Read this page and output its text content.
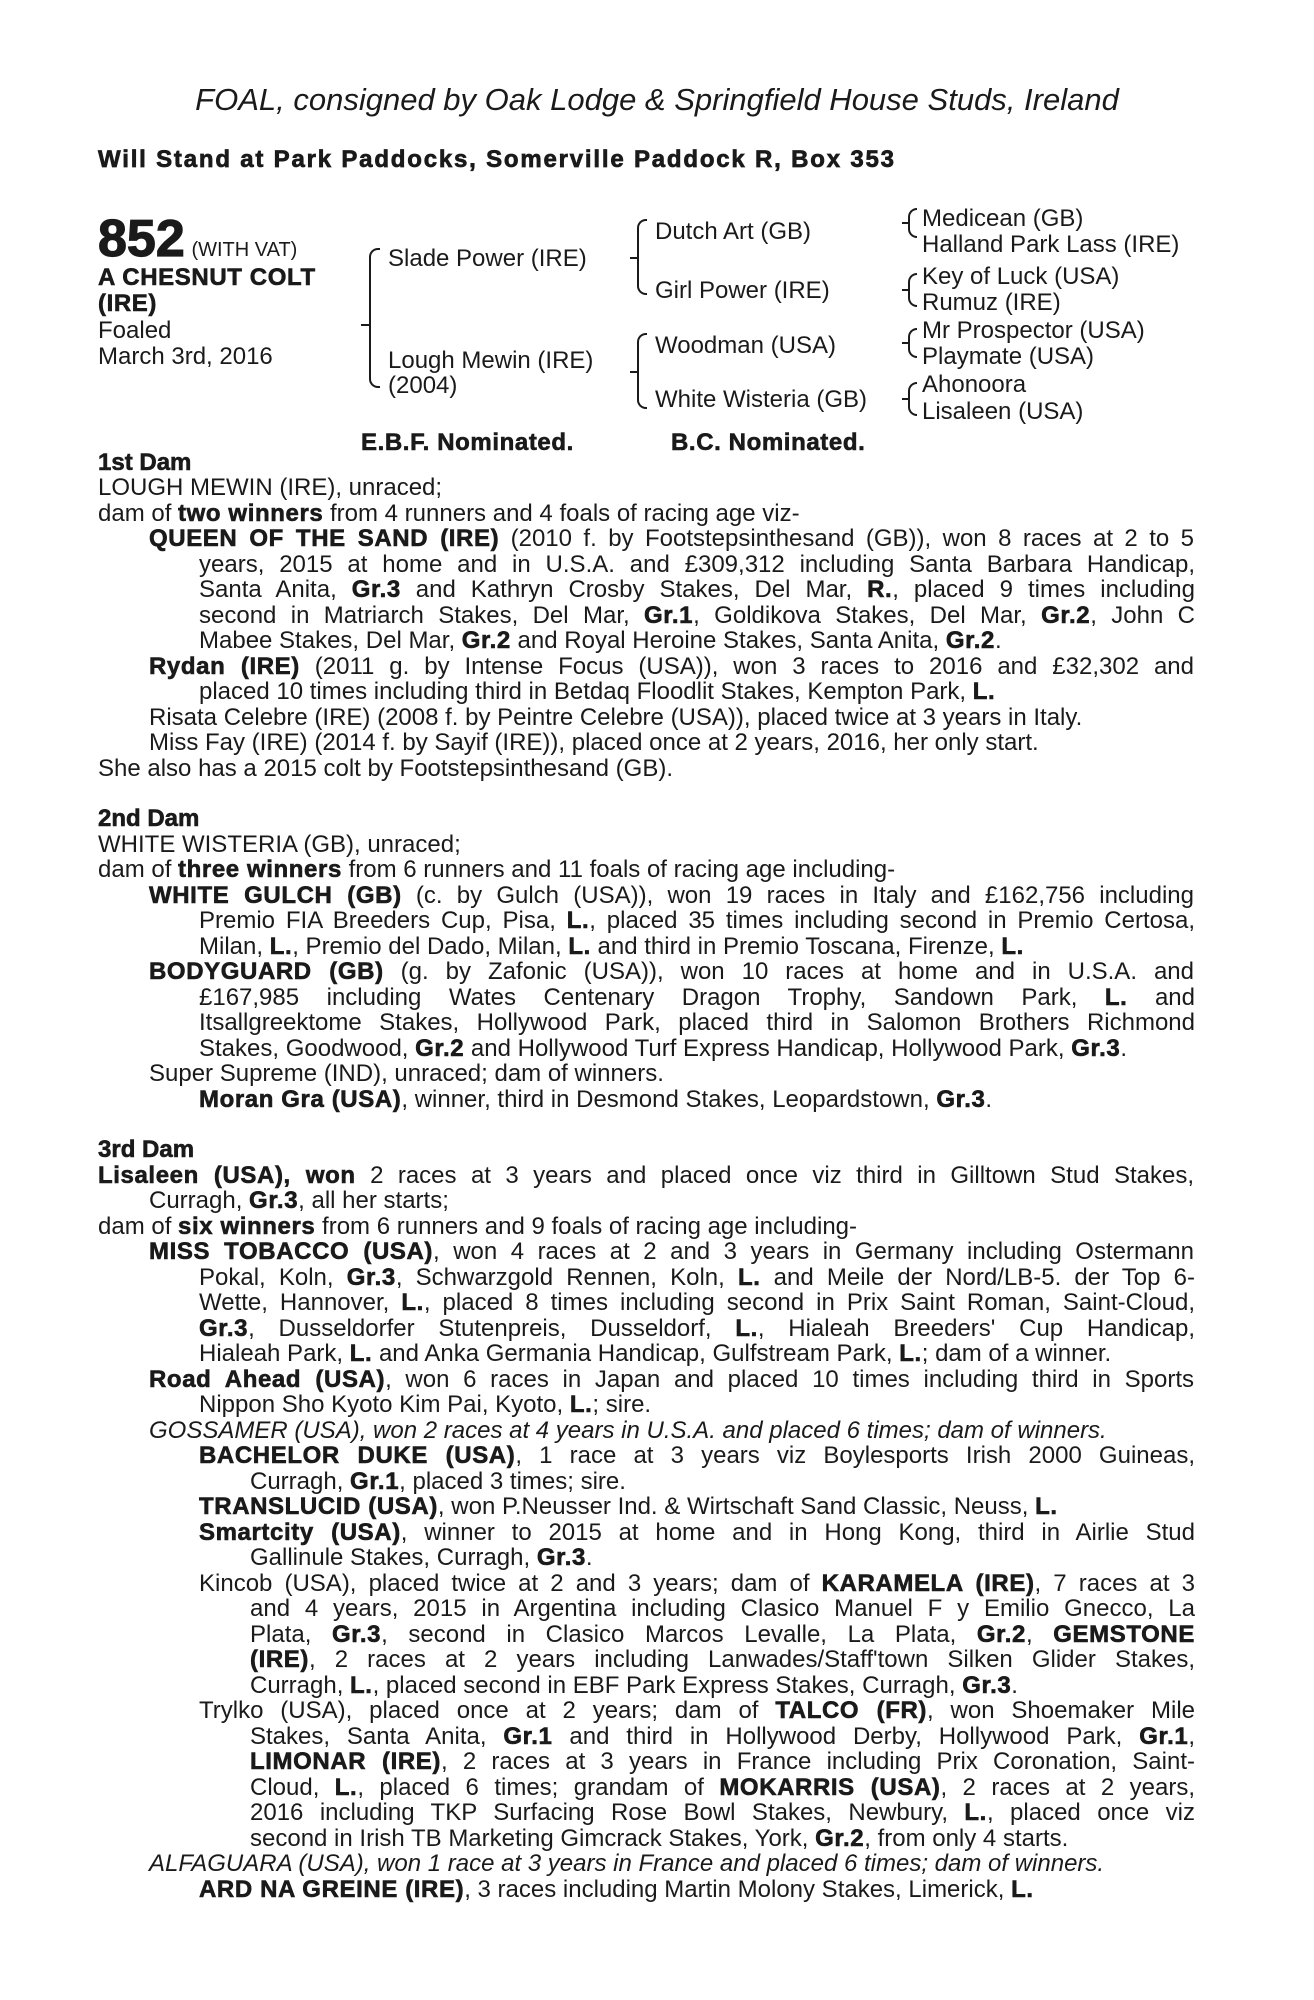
FOAL, consigned by Oak Lodge & Springfield House Studs, Ireland
Will Stand at Park Paddocks, Somerville Paddock R, Box 353
852 (WITH VAT)
A CHESNUT COLT
(IRE)
Foaled
March 3rd, 2016
Slade Power (IRE)
Lough Mewin (IRE)
(2004)
Dutch Art (GB)
Girl Power (IRE)
Woodman (USA)
White Wisteria (GB)
Medicean (GB)
Halland Park Lass (IRE)
Key of Luck (USA)
Rumuz (IRE)
Mr Prospector (USA)
Playmate (USA)
Ahonoora
Lisaleen (USA)
E.B.F. Nominated.	B.C. Nominated.
1st Dam
LOUGH MEWIN (IRE), unraced;
dam of two winners from 4 runners and 4 foals of racing age viz-
QUEEN OF THE SAND (IRE) (2010 f. by Footstepsinthesand (GB)), won 8 races at 2 to 5
years, 2015 at home and in U.S.A. and £309,312 including Santa Barbara Handicap,
Santa Anita, Gr.3 and Kathryn Crosby Stakes, Del Mar, R., placed 9 times including
second in Matriarch Stakes, Del Mar, Gr.1, Goldikova Stakes, Del Mar, Gr.2, John C
Mabee Stakes, Del Mar, Gr.2 and Royal Heroine Stakes, Santa Anita, Gr.2.
Rydan (IRE) (2011 g. by Intense Focus (USA)), won 3 races to 2016 and £32,302 and
placed 10 times including third in Betdaq Floodlit Stakes, Kempton Park, L.
Risata Celebre (IRE) (2008 f. by Peintre Celebre (USA)), placed twice at 3 years in Italy.
Miss Fay (IRE) (2014 f. by Sayif (IRE)), placed once at 2 years, 2016, her only start.
She also has a 2015 colt by Footstepsinthesand (GB).
2nd Dam
WHITE WISTERIA (GB), unraced;
dam of three winners from 6 runners and 11 foals of racing age including-
WHITE GULCH (GB) (c. by Gulch (USA)), won 19 races in Italy and £162,756 including
Premio FIA Breeders Cup, Pisa, L., placed 35 times including second in Premio Certosa,
Milan, L., Premio del Dado, Milan, L. and third in Premio Toscana, Firenze, L.
BODYGUARD (GB) (g. by Zafonic (USA)), won 10 races at home and in U.S.A. and
£167,985 including Wates Centenary Dragon Trophy, Sandown Park, L. and
Itsallgreektome Stakes, Hollywood Park, placed third in Salomon Brothers Richmond
Stakes, Goodwood, Gr.2 and Hollywood Turf Express Handicap, Hollywood Park, Gr.3.
Super Supreme (IND), unraced; dam of winners.
Moran Gra (USA), winner, third in Desmond Stakes, Leopardstown, Gr.3.
3rd Dam
Lisaleen (USA), won 2 races at 3 years and placed once viz third in Gilltown Stud Stakes,
Curragh, Gr.3, all her starts;
dam of six winners from 6 runners and 9 foals of racing age including-
MISS TOBACCO (USA), won 4 races at 2 and 3 years in Germany including Ostermann
Pokal, Koln, Gr.3, Schwarzgold Rennen, Koln, L. and Meile der Nord/LB-5. der Top 6-
Wette, Hannover, L., placed 8 times including second in Prix Saint Roman, Saint-Cloud,
Gr.3, Dusseldorfer Stutenpreis, Dusseldorf, L., Hialeah Breeders' Cup Handicap,
Hialeah Park, L. and Anka Germania Handicap, Gulfstream Park, L.; dam of a winner.
Road Ahead (USA), won 6 races in Japan and placed 10 times including third in Sports
Nippon Sho Kyoto Kim Pai, Kyoto, L.; sire.
GOSSAMER (USA), won 2 races at 4 years in U.S.A. and placed 6 times; dam of winners.
BACHELOR DUKE (USA), 1 race at 3 years viz Boylesports Irish 2000 Guineas,
Curragh, Gr.1, placed 3 times; sire.
TRANSLUCID (USA), won P.Neusser Ind. & Wirtschaft Sand Classic, Neuss, L.
Smartcity (USA), winner to 2015 at home and in Hong Kong, third in Airlie Stud
Gallinule Stakes, Curragh, Gr.3.
Kincob (USA), placed twice at 2 and 3 years; dam of KARAMELA (IRE), 7 races at 3
and 4 years, 2015 in Argentina including Clasico Manuel F y Emilio Gnecco, La
Plata, Gr.3, second in Clasico Marcos Levalle, La Plata, Gr.2, GEMSTONE
(IRE), 2 races at 2 years including Lanwades/Staff'town Silken Glider Stakes,
Curragh, L., placed second in EBF Park Express Stakes, Curragh, Gr.3.
Trylko (USA), placed once at 2 years; dam of TALCO (FR), won Shoemaker Mile
Stakes, Santa Anita, Gr.1 and third in Hollywood Derby, Hollywood Park, Gr.1,
LIMONAR (IRE), 2 races at 3 years in France including Prix Coronation, Saint-
Cloud, L., placed 6 times; grandam of MOKARRIS (USA), 2 races at 2 years,
2016 including TKP Surfacing Rose Bowl Stakes, Newbury, L., placed once viz
second in Irish TB Marketing Gimcrack Stakes, York, Gr.2, from only 4 starts.
ALFAGUARA (USA), won 1 race at 3 years in France and placed 6 times; dam of winners.
ARD NA GREINE (IRE), 3 races including Martin Molony Stakes, Limerick, L.
